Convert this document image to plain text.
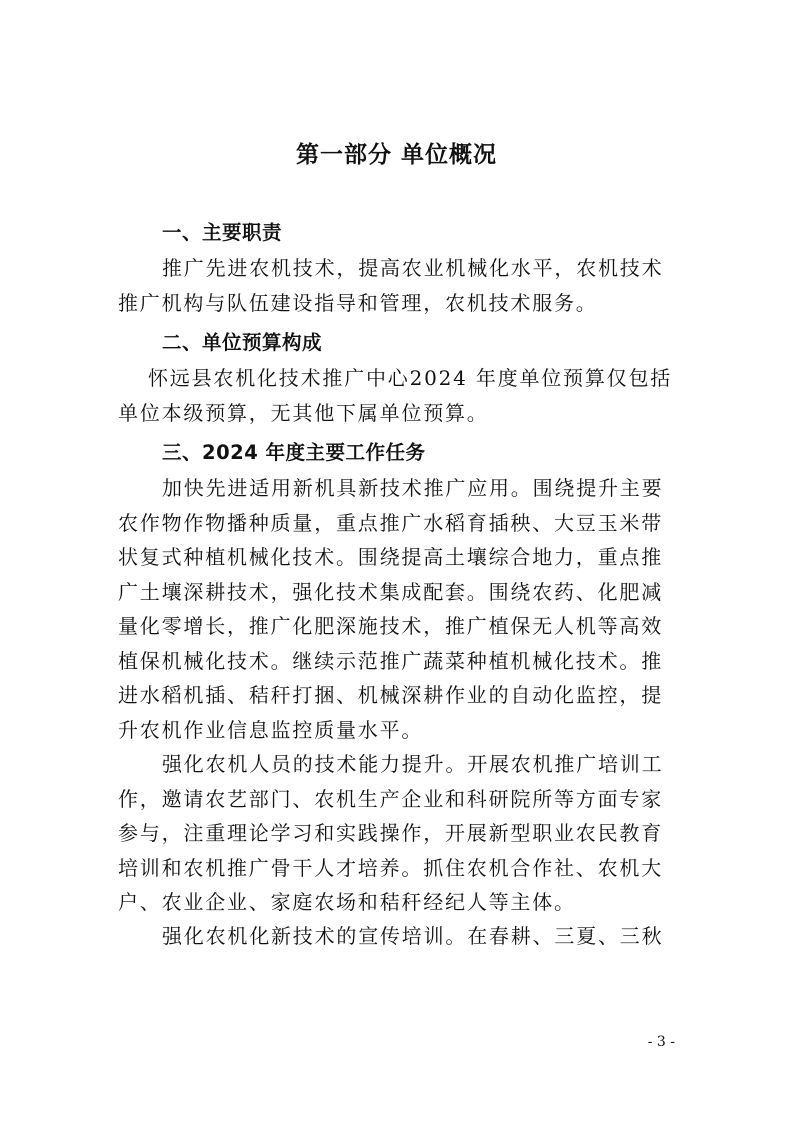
第一部分 单位概况
一、主要职责
推广先进农机技术，提高农业机械化水平，农机技术
推广机构与队伍建设指导和管理，农机技术服务。
二、单位预算构成
怀远县农机化技术推广中心2024 年度单位预算仅包括
单位本级预算，无其他下属单位预算。
三、2024 年度主要工作任务
加快先进适用新机具新技术推广应用。围绕提升主要
农作物作物播种质量，重点推广水稻育插秧、大豆玉米带
状复式种植机械化技术。围绕提高土壤综合地力，重点推
广土壤深耕技术，强化技术集成配套。围绕农药、化肥减
量化零增长，推广化肥深施技术，推广植保无人机等高效
植保机械化技术。继续示范推广蔬菜种植机械化技术。推
进水稻机插、秸秆打捆、机械深耕作业的自动化监控，提
升农机作业信息监控质量水平。
强化农机人员的技术能力提升。开展农机推广培训工
作，邀请农艺部门、农机生产企业和科研院所等方面专家
参与，注重理论学习和实践操作，开展新型职业农民教育
培训和农机推广骨干人才培养。抓住农机合作社、农机大
户、农业企业、家庭农场和秸秆经纪人等主体。
强化农机化新技术的宣传培训。在春耕、三夏、三秋
- 3 -
